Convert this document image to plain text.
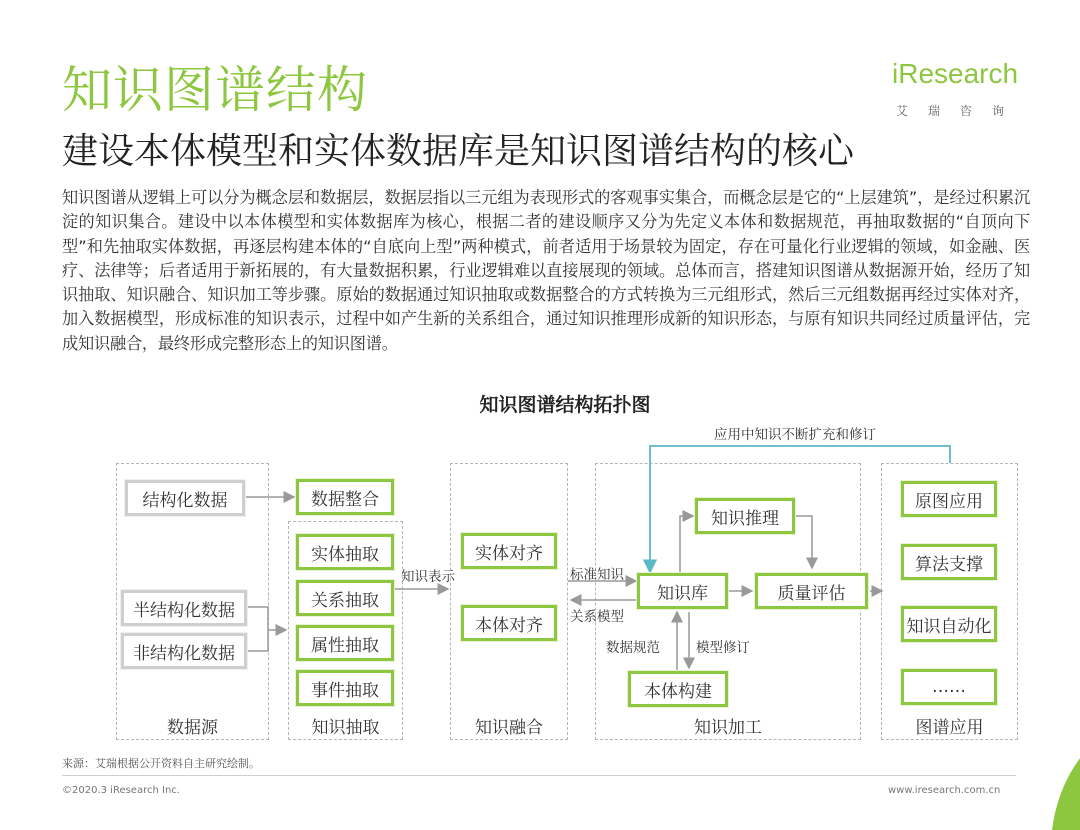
知识图谱结构
建设本体模型和实体数据库是知识图谱结构的核心
iResearch
艾瑞咨询
知识图谱从逻辑上可以分为概念层和数据层，数据层指以三元组为表现形式的客观事实集合，而概念层是它的“上层建筑”，是经过积累沉淀的知识集合。建设中以本体模型和实体数据库为核心，根据二者的建设顺序又分为先定义本体和数据规范，再抽取数据的“自顶向下型”和先抽取实体数据，再逐层构建本体的“自底向上型”两种模式，前者适用于场景较为固定，存在可量化行业逻辑的领域，如金融、医疗、法律等；后者适用于新拓展的，有大量数据积累，行业逻辑难以直接展现的领域。总体而言，搭建知识图谱从数据源开始，经历了知识抽取、知识融合、知识加工等步骤。原始的数据通过知识抽取或数据整合的方式转换为三元组形式，然后三元组数据再经过实体对齐，加入数据模型，形成标准的知识表示，过程中如产生新的关系组合，通过知识推理形成新的知识形态，与原有知识共同经过质量评估，完成知识融合，最终形成完整形态上的知识图谱。
知识图谱结构拓扑图
结构化数据
半结构化数据
非结构化数据
数据整合
实体抽取
关系抽取
属性抽取
事件抽取
实体对齐
本体对齐
知识推理
知识库	质量评估
本体构建
原图应用
算法支撑
知识自动化
……
知识表示	标准知识
关系模型
数据规范	模型修订
应用中知识不断扩充和修订
数据源	知识抽取	知识融合	知识加工	图谱应用
来源：艾瑞根据公开资料自主研究绘制。
©2020.3 iResearch Inc.	www.iresearch.com.cn	9
